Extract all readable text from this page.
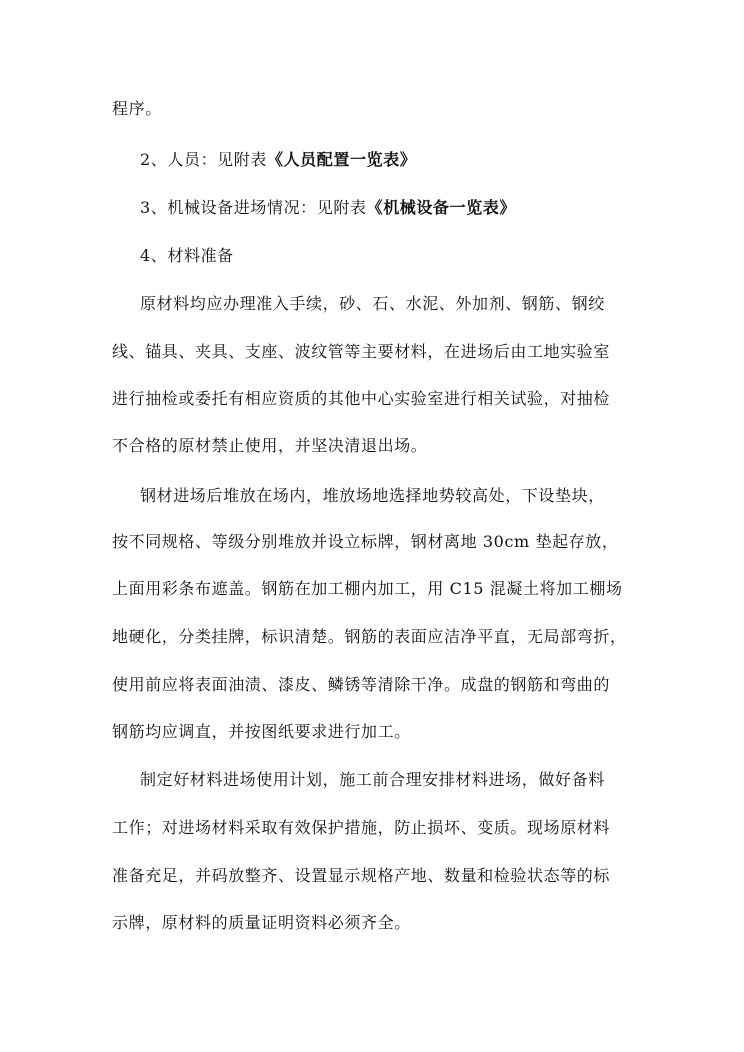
程序。
2、人员：见附表《人员配置一览表》
3、机械设备进场情况：见附表《机械设备一览表》
4、材料准备
原材料均应办理准入手续，砂、石、水泥、外加剂、钢筋、钢绞
线、锚具、夹具、支座、波纹管等主要材料，在进场后由工地实验室
进行抽检或委托有相应资质的其他中心实验室进行相关试验，对抽检
不合格的原材禁止使用，并坚决清退出场。
钢材进场后堆放在场内，堆放场地选择地势较高处，下设垫块，
按不同规格、等级分别堆放并设立标牌，钢材离地 30cm 垫起存放，
上面用彩条布遮盖。钢筋在加工棚内加工，用 C15 混凝土将加工棚场
地硬化，分类挂牌，标识清楚。钢筋的表面应洁净平直，无局部弯折，
使用前应将表面油渍、漆皮、鳞锈等清除干净。成盘的钢筋和弯曲的
钢筋均应调直，并按图纸要求进行加工。
制定好材料进场使用计划，施工前合理安排材料进场，做好备料
工作；对进场材料采取有效保护措施，防止损坏、变质。现场原材料
准备充足，并码放整齐、设置显示规格产地、数量和检验状态等的标
示牌，原材料的质量证明资料必须齐全。
